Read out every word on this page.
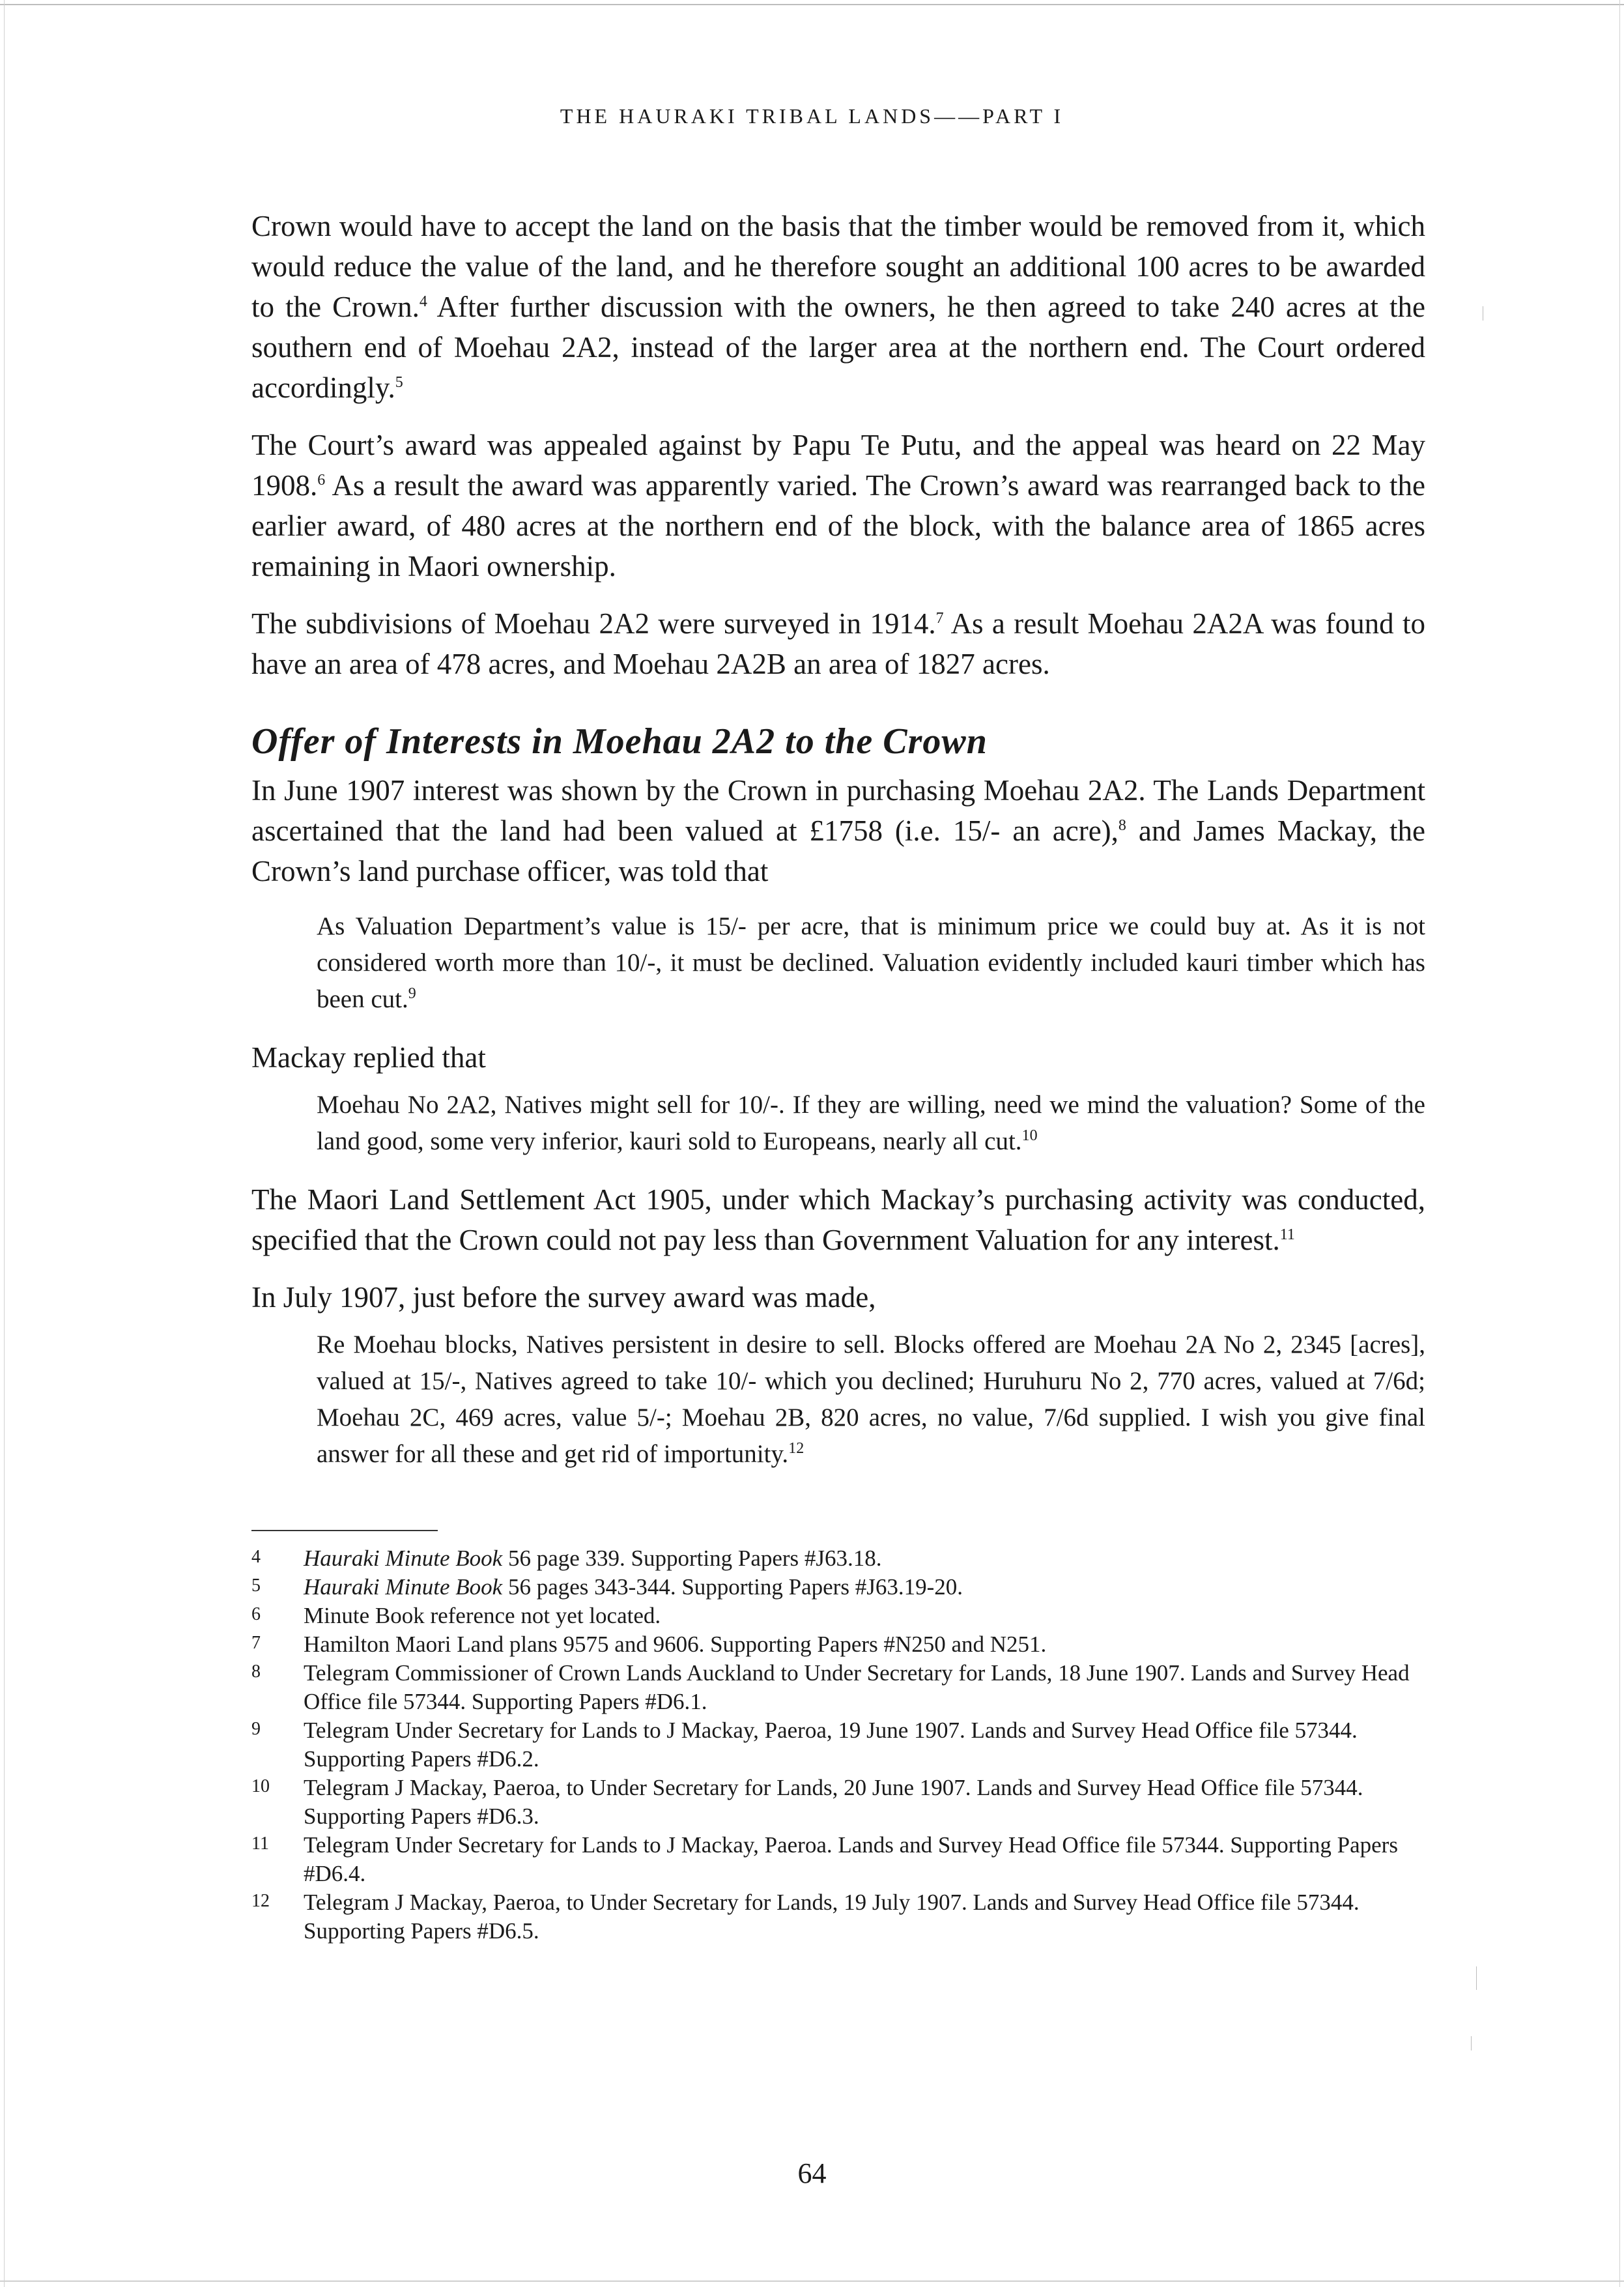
THE HAURAKI TRIBAL LANDS——PART I

Crown would have to accept the land on the basis that the timber would be removed from it, which would reduce the value of the land, and he therefore sought an additional 100 acres to be awarded to the Crown.$^4$ After further discussion with the owners, he then agreed to take 240 acres at the southern end of Moehau 2A2, instead of the larger area at the northern end. The Court ordered accordingly.$^5$

The Court’s award was appealed against by Papu Te Putu, and the appeal was heard on 22 May 1908.$^6$ As a result the award was apparently varied. The Crown’s award was rearranged back to the earlier award, of 480 acres at the northern end of the block, with the balance area of 1865 acres remaining in Maori ownership.

The subdivisions of Moehau 2A2 were surveyed in 1914.$^7$ As a result Moehau 2A2A was found to have an area of 478 acres, and Moehau 2A2B an area of 1827 acres.

Offer of Interests in Moehau 2A2 to the Crown

In June 1907 interest was shown by the Crown in purchasing Moehau 2A2. The Lands Department ascertained that the land had been valued at £1758 (i.e. 15/- an acre),$^8$ and James Mackay, the Crown’s land purchase officer, was told that

As Valuation Department’s value is 15/- per acre, that is minimum price we could buy at. As it is not considered worth more than 10/-, it must be declined. Valuation evidently included kauri timber which has been cut.$^9$

Mackay replied that

Moehau No 2A2, Natives might sell for 10/-. If they are willing, need we mind the valuation? Some of the land good, some very inferior, kauri sold to Europeans, nearly all cut.$^{10}$

The Maori Land Settlement Act 1905, under which Mackay’s purchasing activity was conducted, specified that the Crown could not pay less than Government Valuation for any interest.$^{11}$

In July 1907, just before the survey award was made,

Re Moehau blocks, Natives persistent in desire to sell. Blocks offered are Moehau 2A No 2, 2345 [acres], valued at 15/-, Natives agreed to take 10/- which you declined; Huruhuru No 2, 770 acres, valued at 7/6d; Moehau 2C, 469 acres, value 5/-; Moehau 2B, 820 acres, no value, 7/6d supplied. I wish you give final answer for all these and get rid of importunity.$^{12}$

4 Hauraki Minute Book 56 page 339. Supporting Papers #J63.18.

5 Hauraki Minute Book 56 pages 343-344. Supporting Papers #J63.19-20.

6 Minute Book reference not yet located.

7 Hamilton Maori Land plans 9575 and 9606. Supporting Papers #N250 and N251.

8 Telegram Commissioner of Crown Lands Auckland to Under Secretary for Lands, 18 June 1907. Lands and Survey Head Office file 57344. Supporting Papers #D6.1.

9 Telegram Under Secretary for Lands to J Mackay, Paeroa, 19 June 1907. Lands and Survey Head Office file 57344. Supporting Papers #D6.2.

10 Telegram J Mackay, Paeroa, to Under Secretary for Lands, 20 June 1907. Lands and Survey Head Office file 57344. Supporting Papers #D6.3.

11 Telegram Under Secretary for Lands to J Mackay, Paeroa. Lands and Survey Head Office file 57344. Supporting Papers #D6.4.

12 Telegram J Mackay, Paeroa, to Under Secretary for Lands, 19 July 1907. Lands and Survey Head Office file 57344. Supporting Papers #D6.5.

64
